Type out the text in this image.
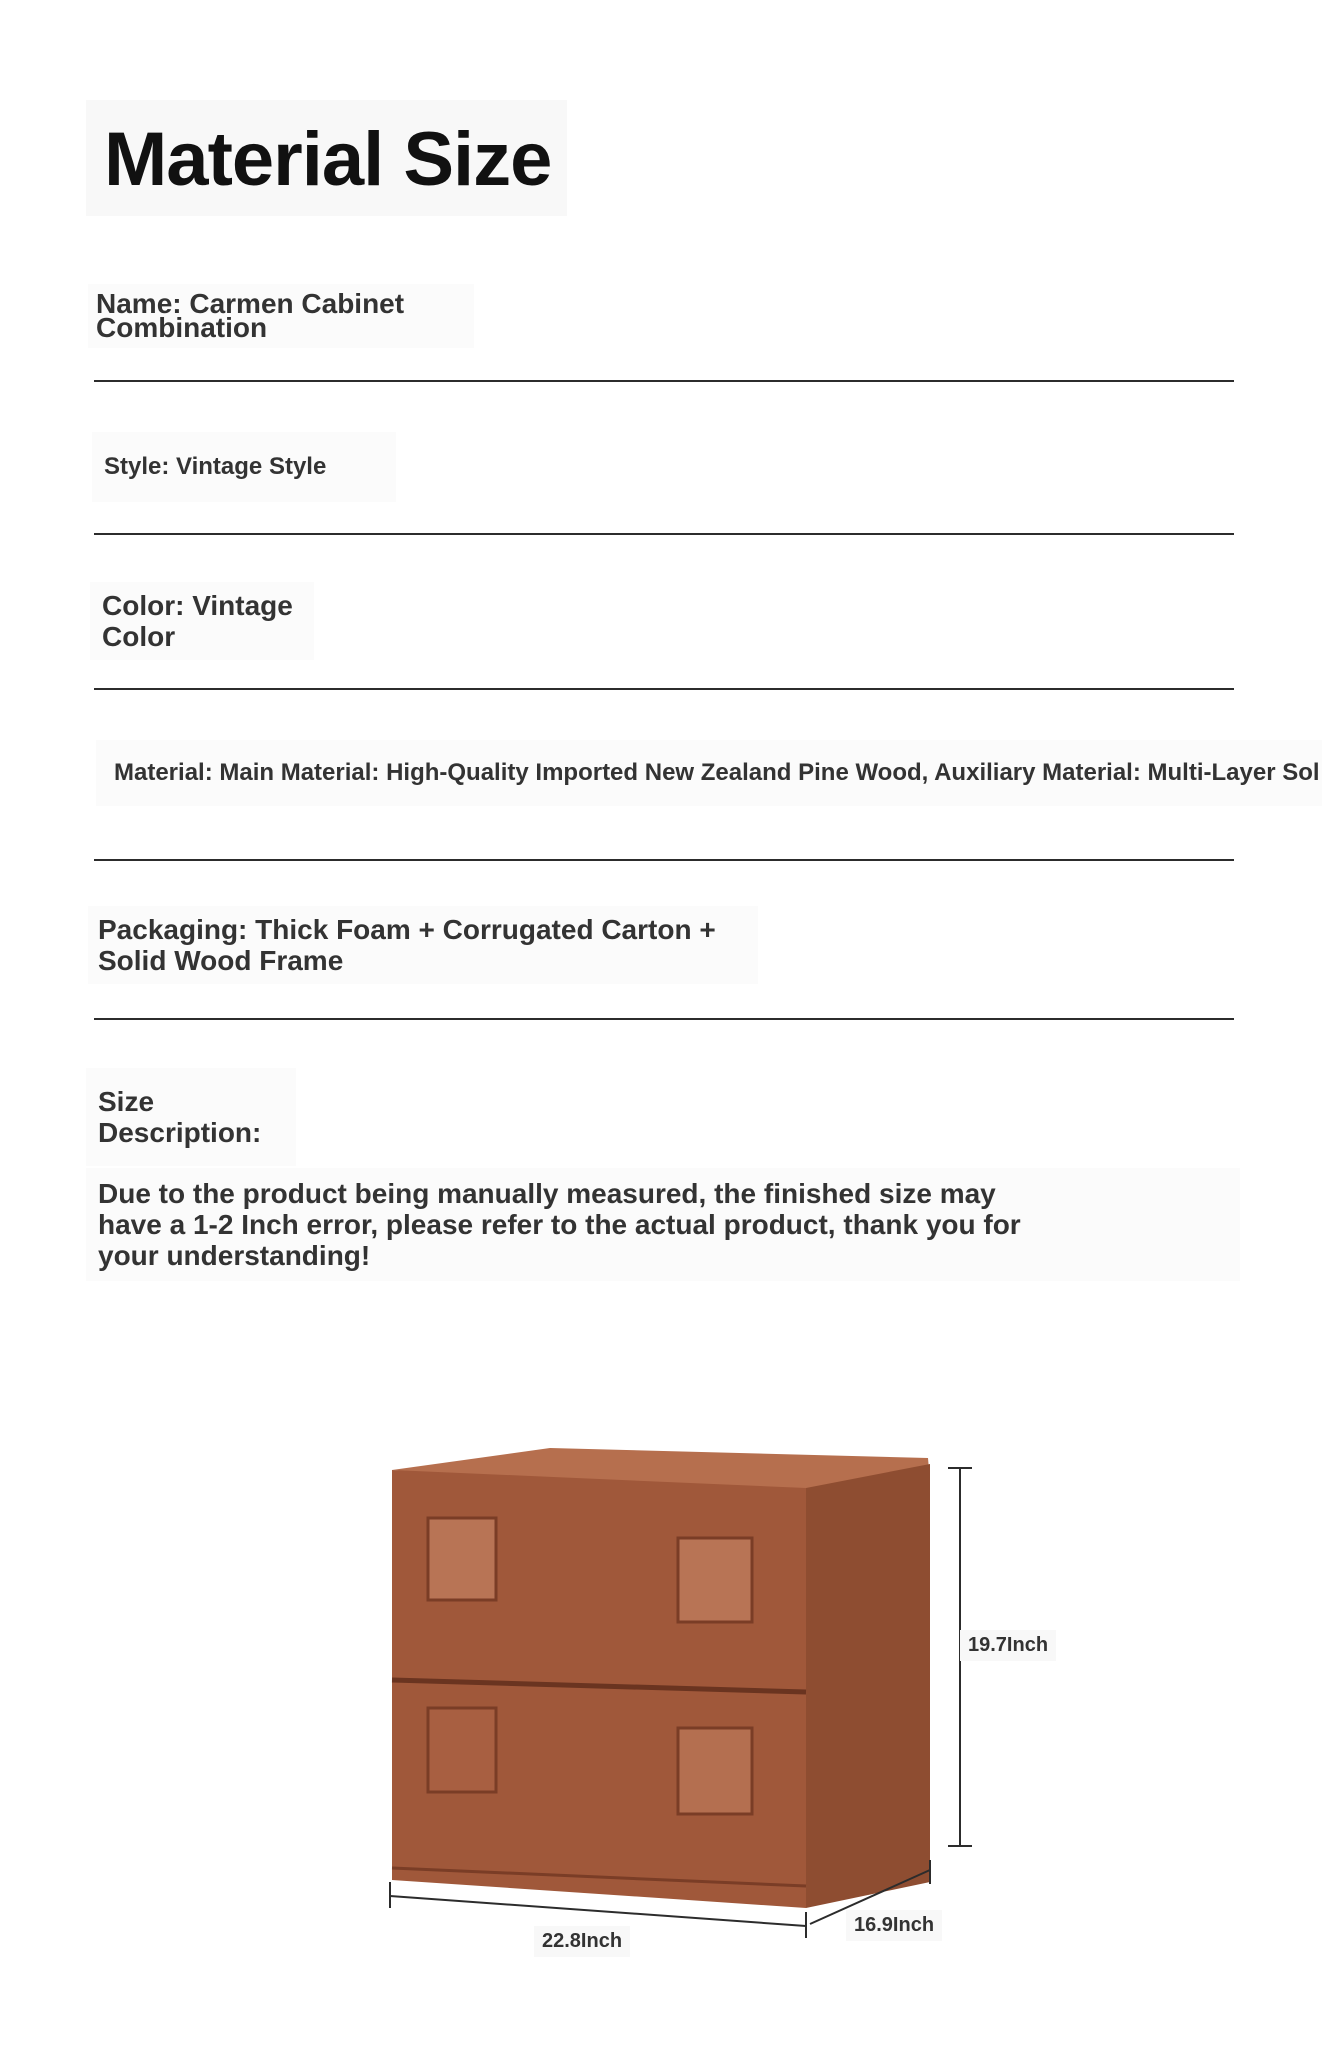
Material Size
Name: Carmen Cabinet Combination
Style: Vintage Style
Color: Vintage Color
Material: Main Material: High-Quality Imported New Zealand Pine Wood, Auxiliary Material: Multi-Layer Sol
Packaging: Thick Foam + Corrugated Carton + Solid Wood Frame
Size Description:
Due to the product being manually measured, the finished size may have a 1-2 Inch error, please refer to the actual product, thank you for your understanding!
19.7Inch
22.8Inch
16.9Inch
